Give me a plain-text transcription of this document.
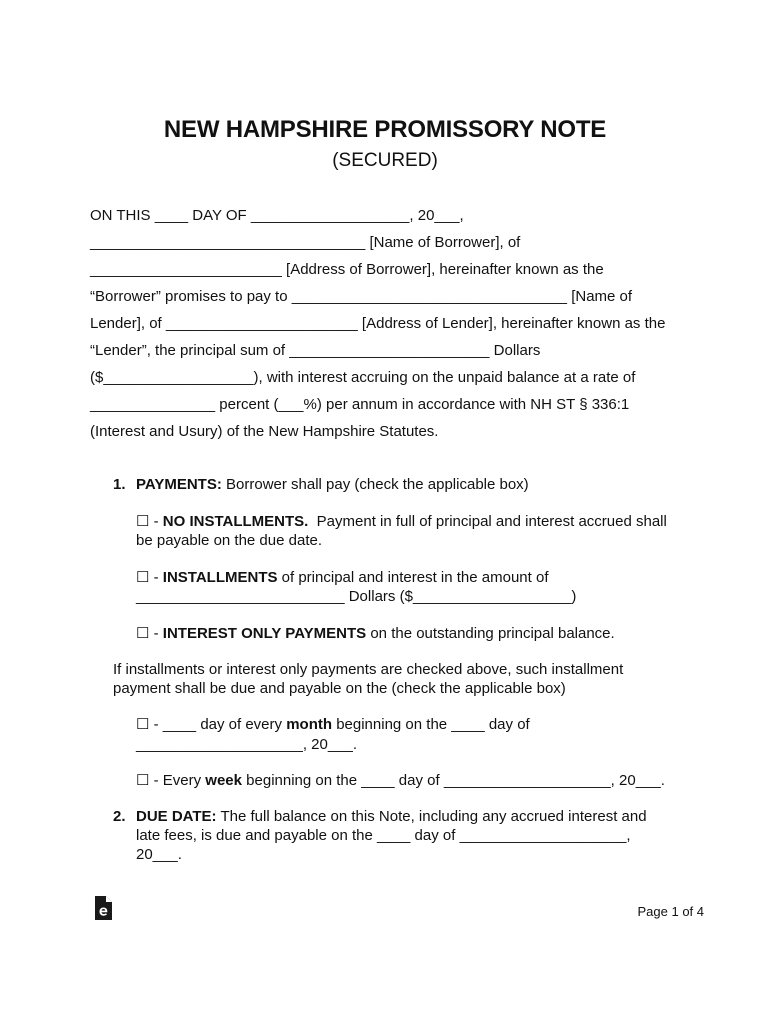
NEW HAMPSHIRE PROMISSORY NOTE
(SECURED)
ON THIS ____ DAY OF ___________________, 20___,
_________________________________ [Name of Borrower], of
_______________________ [Address of Borrower], hereinafter known as the
“Borrower” promises to pay to _________________________________ [Name of
Lender], of _______________________ [Address of Lender], hereinafter known as the
“Lender”, the principal sum of ________________________ Dollars
($__________________), with interest accruing on the unpaid balance at a rate of
_______________ percent (___%) per annum in accordance with NH ST § 336:1
(Interest and Usury) of the New Hampshire Statutes.
1. PAYMENTS: Borrower shall pay (check the applicable box)
☐ - NO INSTALLMENTS.  Payment in full of principal and interest accrued shall
be payable on the due date.
☐ - INSTALLMENTS of principal and interest in the amount of
_________________________ Dollars ($___________________)
☐ - INTEREST ONLY PAYMENTS on the outstanding principal balance.
If installments or interest only payments are checked above, such installment
payment shall be due and payable on the (check the applicable box)
☐ - ____ day of every month beginning on the ____ day of
____________________, 20___.
☐ - Every week beginning on the ____ day of ____________________, 20___.
2. DUE DATE: The full balance on this Note, including any accrued interest and
late fees, is due and payable on the ____ day of ____________________,
20___.
Page 1 of 4
